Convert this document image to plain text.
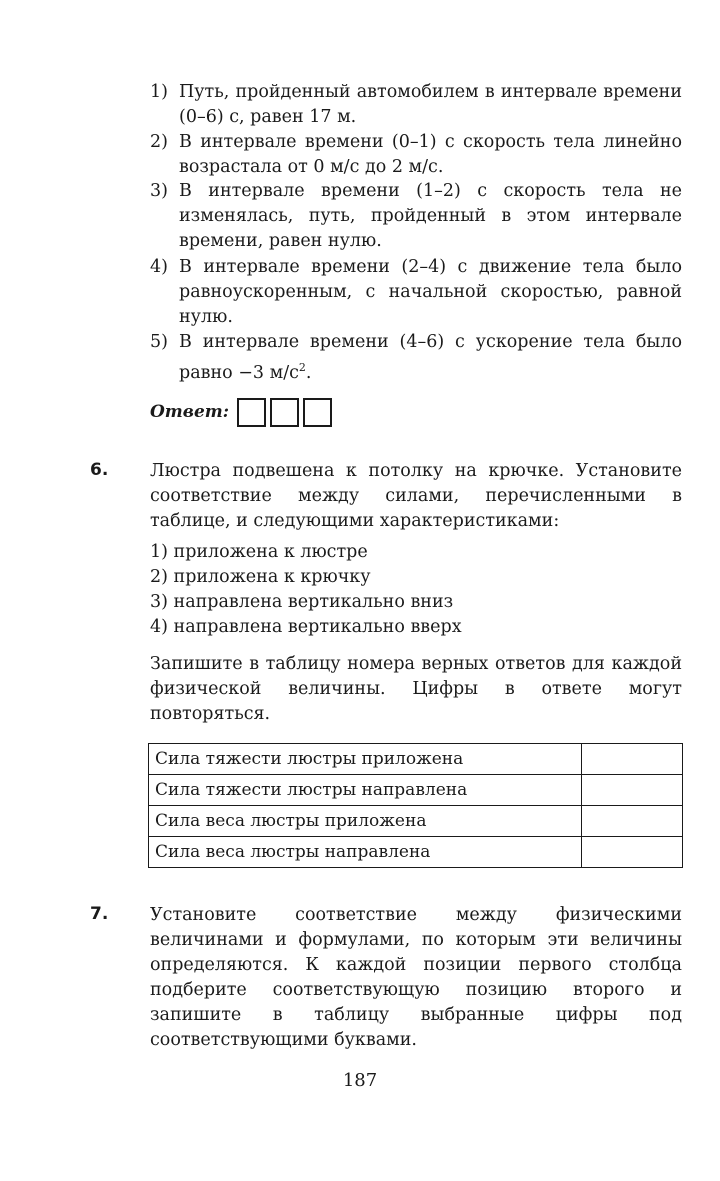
1) Путь, пройденный автомобилем в интервале времени (0–6) с, равен 17 м.
2) В интервале времени (0–1) с скорость тела линейно возрастала от 0 м/с до 2 м/с.
3) В интервале времени (1–2) с скорость тела не изменялась, путь, пройденный в этом интервале времени, равен нулю.
4) В интервале времени (2–4) с движение тела было равноускоренным, с начальной скоростью, равной нулю.
5) В интервале времени (4–6) с ускорение тела было равно −3 $м/с^2$.
Ответ:
6. Люстра подвешена к потолку на крючке. Установите соответствие между силами, перечисленными в таблице, и следующими характеристиками:
1) приложена к люстре
2) приложена к крючку
3) направлена вертикально вниз
4) направлена вертикально вверх
Запишите в таблицу номера верных ответов для каждой физической величины. Цифры в ответе могут повторяться.
Сила тяжести люстры приложена	
Сила тяжести люстры направлена	
Сила веса люстры приложена	
Сила веса люстры направлена	
7. Установите соответствие между физическими величинами и формулами, по которым эти величины определяются. К каждой позиции первого столбца подберите соответствующую позицию второго и запишите в таблицу выбранные цифры под соответствующими буквами.
187
